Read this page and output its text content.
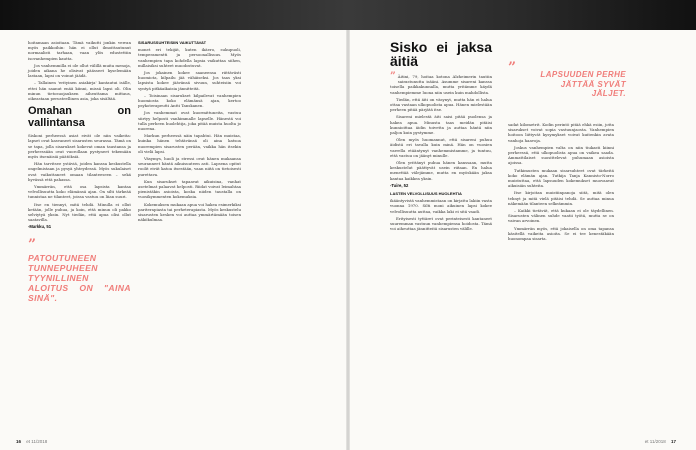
hoitamaan asioitaan. Tämä vaikutti jonkin verran myös paikkoihin: hän ei ollut ilmoittautunut normaalisti tarhaan, vaan ylös edustettiin isovanhempien kautta.

Jos vanhemmilla ei ole ollut välillä muita menoja, joiden aikana he olisivat päässeet kyselemään lastaan, lapsi on voinut jäädä.

– Tallainen 'erityinen asiakirja' kantautui isälle, ettei hän saanut enää kiinni, missä lapsi oli. Olin minun tietosuojauksen aiheuttama mittaus, oikeastaan perusteellinen asia, joka sisältää.

Omahan on vallintansa

Siskoni perheessä asiat eivät ole niin vaikeita: lapset ovat kasvaneet sisarusten seurassa. Tämä on se tapa, jolla sisarukset kokevat oman taustansa ja perheessään ovat vuorollaan pystyneet tekemään myös itsenäisiä päätöksiä.

Hän tarvitsee ystäviä, joiden kanssa keskustella ongelmistaan ja pysyä yhteydessä. Myös sukulaiset ovat vaikuttaneet omaan tilanteeseen – sekä hyvässä että pahassa.

Ymmärrän, että osa lapsista kantaa velvollisuutta koko elämänsä ajan. On silti tärkeää tunnistaa ne tilanteet, joissa vastuu on liian suuri.

Itse en tiennyt, mitä tehdä. Minulla ei ollut ketään, jolle puhua, ja koin, että minun oli pakko selviytyä yksin. Nyt tiedän, että apua olisi ollut saatavilla.

-Markku, 51
”
PATOUTUNEEN TUNNEPUHEEN TYYNILLINEN ALOITUS ON "AINA SINÄ".

SISARUSSUHTEISIIN VAIKUTTAVAT

monet eri tekijät, kuten ikäero, sukupuoli, temperamentti ja persoonallisuus. Myös vanhempien tapa kohdella lapsia vaikuttaa siihen, millaisiksi suhteet muodostuvat.

Jos jokainen kokee saaneensa riittävästi huomiota, kilpailu jää vähäiseksi. Jos taas yksi lapsista kokee jäävänsä sivuun, suhteisiin voi syntyä pitkäaikaisia jännitteitä.

– Toisinaan sisarukset kilpailevat vanhempien huomiosta koko elämänsä ajan, kertoo psykoterapeutti Antti Tanskanen.

Jos vanhemmat ovat kuormittuneita, vastuu siirtyy helposti vanhimmalle lapselle. Hänestä voi tulla perheen huolehtija, joka pitää muista huolta jo nuorena.

Markun perheessä näin tapahtui. Hän muistaa, kuinka hänen tehtävänsä oli aina katsoa nuorempien sisarusten perään, vaikka hän itsekin oli vielä lapsi.

Väsymys, huoli ja stressi ovat hänen mukaansa seuranneet häntä aikuisuuteen asti. Lapsena opitut roolit eivät katoa itsestään, vaan niitä on tietoisesti purettava.

Kun sisarukset tapaavat aikuisina, vanhat asetelmat palaavat helposti. Riidat voivat leimahtaa pienistäkin asioista, koska niiden taustalla on vuosikymmenten kokemuksia.

Kokemuksen mukaan apua voi hakea esimerkiksi pariterapiasta tai perheterapiasta. Myös keskustelu sisarusten kesken voi auttaa ymmärtämään toisen näkökulmaa.

16 et 11/2018
Sisko ei jaksa äitiä
” Äitini, 79, hoitaa kotona Alzheimerin tautiin sairastunutta isääni. Asumme sisareni kanssa toisella paikkakunnalla, mutta yritämme käydä vanhempiemme luona niin usein kuin mahdollista.

Tiedän, että äiti on väsynyt, mutta hän ei halua ottaa vastaan ulkopuolista apua. Hänen mielestään perheen pitää pärjätä itse.

Sisareni mielestä äiti saisi pitää puolensa ja hakea apua. Minusta taas meidän pitäisi kunnioittaa äidin toivetta ja auttaa häntä niin paljon kuin pystymme.

Olen myös huomannut, että sisareni puhuu äidistä eri tavalla kuin minä. Hän on vuosien varrella etääntynyt vanhemmistamme, ja tuntuu, että vastuu on jäänyt minulle.

Olen yrittänyt puhua hänen kanssaan, mutta keskustelut päättyvät usein riitaan. En halua menettää välejämme, mutta en myöskään jaksa kantaa kaikkea yksin.

-Tuire, 52

LASTEN VELVOLLISUUS HUOLEHTIA

ikääntyvistä vanhemmistaan on kirjattu lakiin vasta vuonna 1970. Silti moni aikuinen lapsi kokee velvollisuutta auttaa, vaikka laki ei sitä vaadi.

Erityisesti tyttäret ovat perinteisesti kantaneet suuremman vastuun vanhempiensa hoidosta. Tämä voi aiheuttaa jännitteitä sisarusten välille.

”	LAPSUUDEN PERHE JÄTTÄÄ SYVÄT JÄLJET.

sadat kilometrit. Kodin perintö pitää ehkä esiin, jotta sisarukset voivat sopia vastuunjaosta. Vanhempien hoitoon liittyvät kysymykset voivat kuitenkin avata vanhoja haavoja.

Joskus vanhempien valta on niin tiukasti kiinni perheessä, että ulkopuolista apua on vaikea saada. Ammattilaiset suosittelevat puhumaan asioista ajoissa.

Tutkimusten mukaan sisarsuhteet ovat tärkeitä koko elämän ajan. Tutkija Tanja Kannisto-Norro muistuttaa, että lapsuuden kokemukset muovaavat aikuisiän suhteita.

Itse kirjoitan muistiinpanoja siitä, mitä olen tehnyt ja mitä vielä pitäisi tehdä. Se auttaa minua näkemään tilanteen selkeämmin.

– Kaikki tietävät, että kukaan ei ole täydellinen. Sisarusten välinen suhde vaatii työtä, mutta se on vaivan arvoinen.

Ymmärrän myös, että jokaisella on oma tapansa käsitellä vaikeita asioita. Se ei tee kenestäkään huonompaa sisarta.

et 11/2018 17
